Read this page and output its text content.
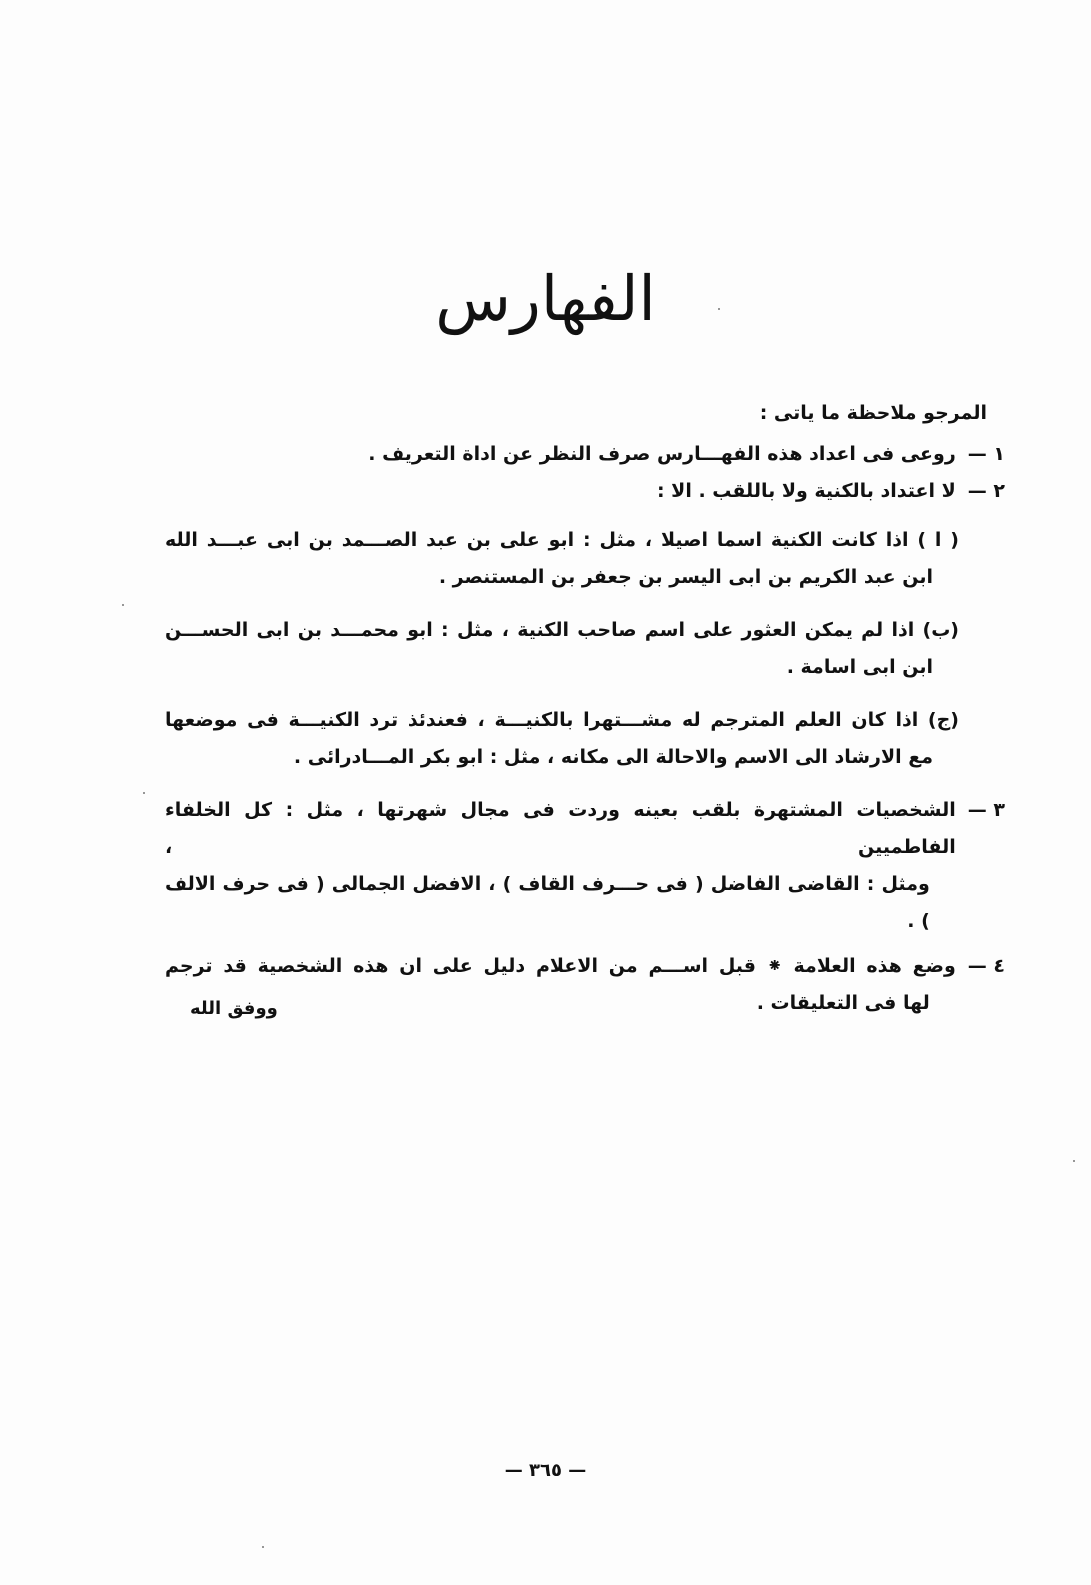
الفهارس
المرجو ملاحظة ما ياتى :
١ —
روعى فى اعداد هذه الفهـــارس صرف النظر عن اداة التعريف .
٢ —
لا اعتداد بالكنية ولا باللقب . الا :
( ا ) اذا كانت الكنية اسما اصيلا ، مثل : ابو على بن عبد الصـــمد بن ابى عبـــد الله
ابن عبد الكريم بن ابى اليسر بن جعفر بن المستنصر .
(ب) اذا لم يمكن العثور على اسم صاحب الكنية ، مثل : ابو محمـــد بن ابى الحســـن
ابن ابى اسامة .
(ج) اذا كان العلم المترجم له مشـــتهرا بالكنيـــة ، فعندئذ ترد الكنيـــة فى موضعها
مع الارشاد الى الاسم والاحالة الى مكانه ، مثل : ابو بكر المـــادرائى .
٣ —
الشخصيات المشتهرة بلقب بعينه وردت فى مجال شهرتها ، مثل : كل الخلفاء الفاطميين ،
ومثل : القاضى الفاضل ( فى حـــرف القاف ) ، الافضل الجمالى ( فى حرف الالف ) .
٤ —
وضع هذه العلامة ⁕ قبل اســـم من الاعلام دليل على ان هذه الشخصية قد ترجم
لها فى التعليقات .
ووفق الله
— ٣٦٥ —
